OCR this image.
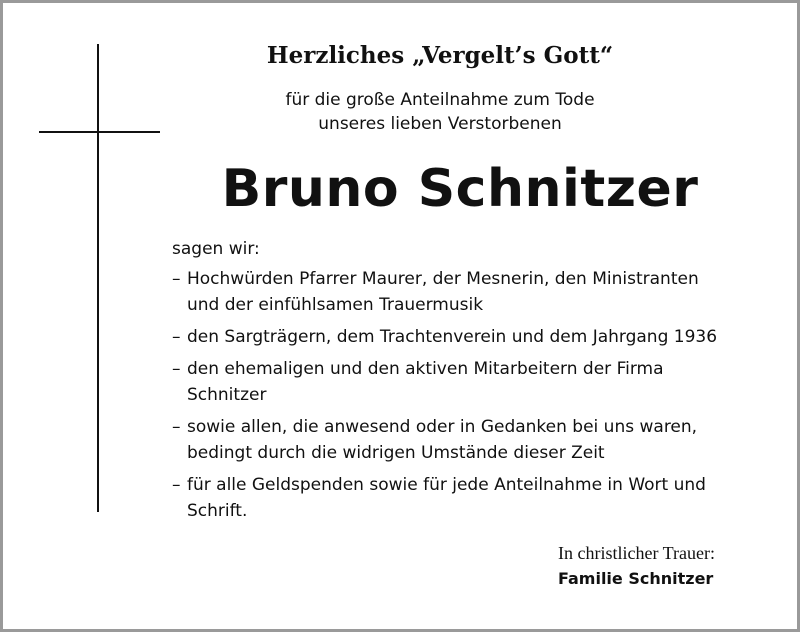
Herzliches „Vergelt’s Gott“
für die große Anteilnahme zum Tode
unseres lieben Verstorbenen
Bruno Schnitzer
sagen wir:
– Hochwürden Pfarrer Maurer, der Mesnerin, den Ministranten
und der einfühlsamen Trauermusik
– den Sargträgern, dem Trachtenverein und dem Jahrgang 1936
– den ehemaligen und den aktiven Mitarbeitern der Firma
Schnitzer
– sowie allen, die anwesend oder in Gedanken bei uns waren,
bedingt durch die widrigen Umstände dieser Zeit
– für alle Geldspenden sowie für jede Anteilnahme in Wort und
Schrift.
In christlicher Trauer:
Familie Schnitzer
